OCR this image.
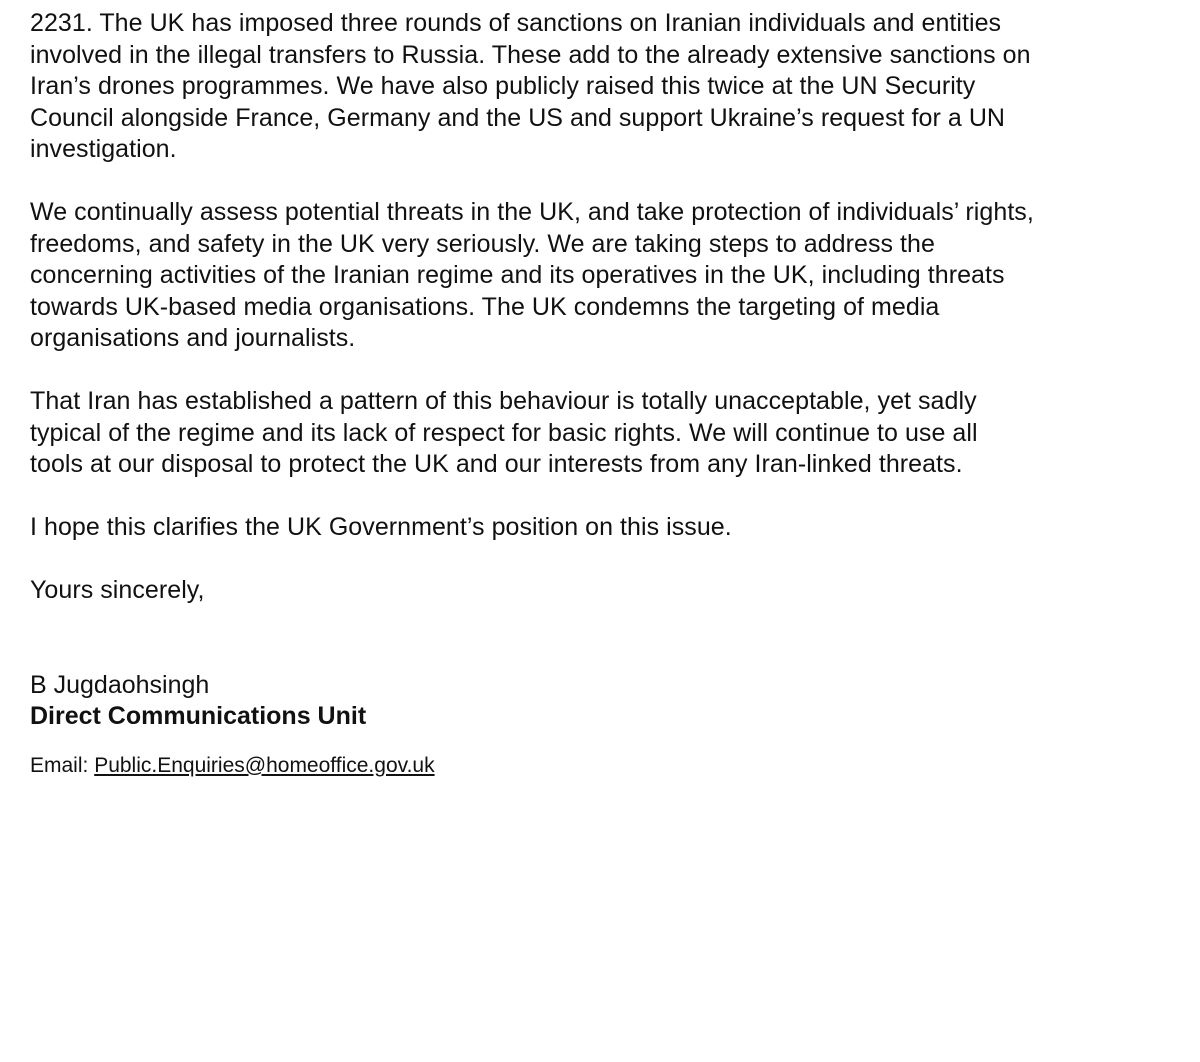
2231. The UK has imposed three rounds of sanctions on Iranian individuals and entities
involved in the illegal transfers to Russia. These add to the already extensive sanctions on
Iran’s drones programmes. We have also publicly raised this twice at the UN Security
Council alongside France, Germany and the US and support Ukraine’s request for a UN
investigation.

We continually assess potential threats in the UK, and take protection of individuals’ rights,
freedoms, and safety in the UK very seriously. We are taking steps to address the
concerning activities of the Iranian regime and its operatives in the UK, including threats
towards UK-based media organisations. The UK condemns the targeting of media
organisations and journalists.

That Iran has established a pattern of this behaviour is totally unacceptable, yet sadly
typical of the regime and its lack of respect for basic rights. We will continue to use all
tools at our disposal to protect the UK and our interests from any Iran-linked threats.

I hope this clarifies the UK Government’s position on this issue.

Yours sincerely,

B Jugdaohsingh

Direct Communications Unit

Email: Public.Enquiries@homeoffice.gov.uk
